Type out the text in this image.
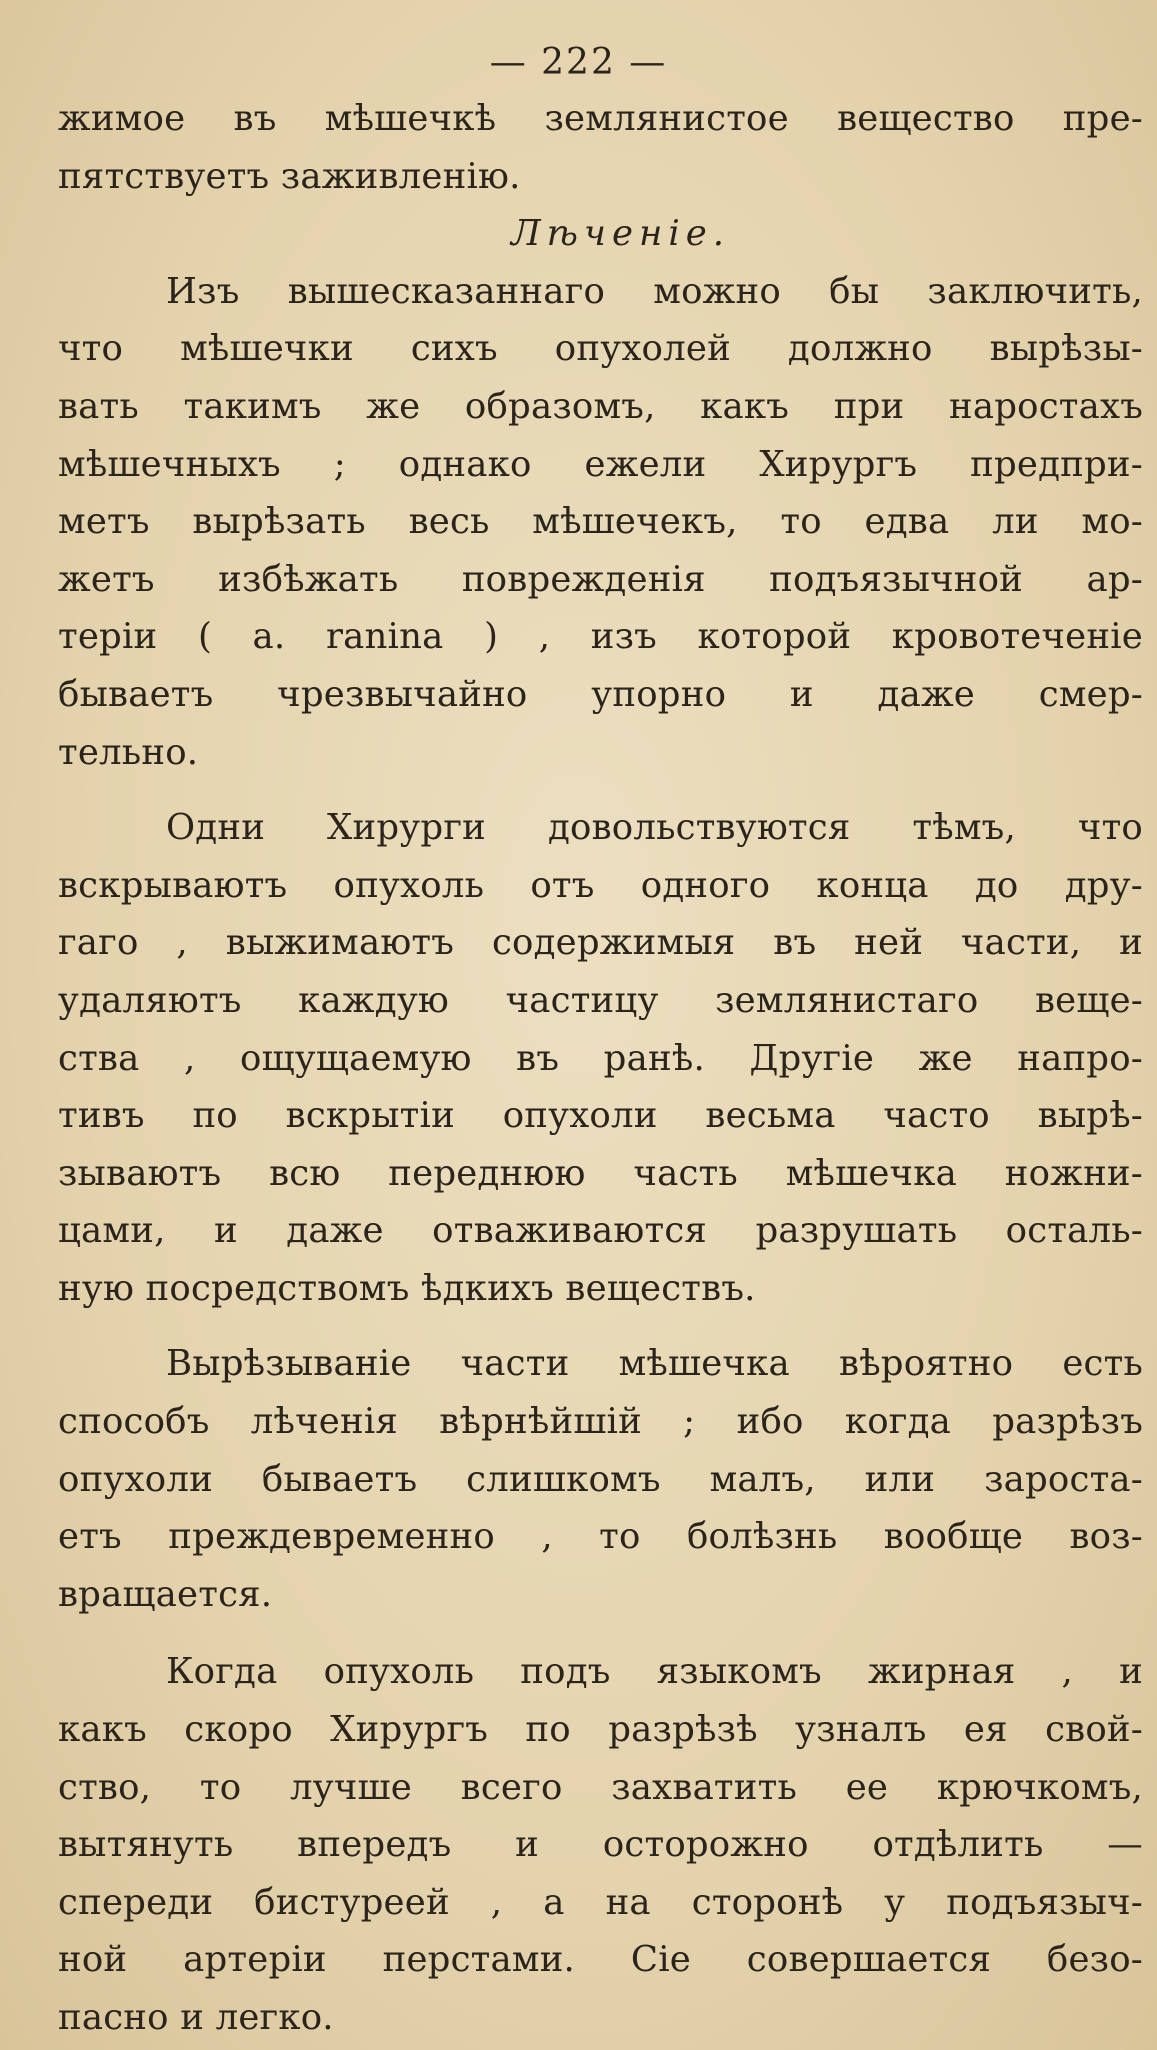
— 222 —
жимое въ мѣшечкѣ землянистое вещество пре-
пятствуетъ заживленію.
Лѣченіе.
Изъ вышесказаннаго можно бы заключить,
что мѣшечки сихъ опухолей должно вырѣзы-
вать такимъ же образомъ, какъ при наростахъ
мѣшечныхъ ; однако ежели Хирургъ предпри-
метъ вырѣзать весь мѣшечекъ, то едва ли мо-
жетъ избѣжать поврежденія подъязычной ар-
теріи ( a. ranina ) , изъ которой кровотеченіе
бываетъ чрезвычайно упорно и даже смер-
тельно.
Одни Хирурги довольствуются тѣмъ, что
вскрываютъ опухоль отъ одного конца до дру-
гаго , выжимаютъ содержимыя въ ней части, и
удаляютъ каждую частицу землянистаго веще-
ства , ощущаемую въ ранѣ. Другіе же напро-
тивъ по вскрытіи опухоли весьма часто вырѣ-
зываютъ всю переднюю часть мѣшечка ножни-
цами, и даже отваживаются разрушать осталь-
ную посредствомъ ѣдкихъ веществъ.
Вырѣзываніе части мѣшечка вѣроятно есть
способъ лѣченія вѣрнѣйшій ; ибо когда разрѣзъ
опухоли бываетъ слишкомъ малъ, или зароста-
етъ преждевременно , то болѣзнь вообще воз-
вращается.
Когда опухоль подъ языкомъ жирная , и
какъ скоро Хирургъ по разрѣзѣ узналъ ея свой-
ство, то лучше всего захватить ее крючкомъ,
вытянуть впередъ и осторожно отдѣлить —
спереди бистуреей , а на сторонѣ у подъязыч-
ной артеріи перстами. Сіе совершается безо-
пасно и легко.
